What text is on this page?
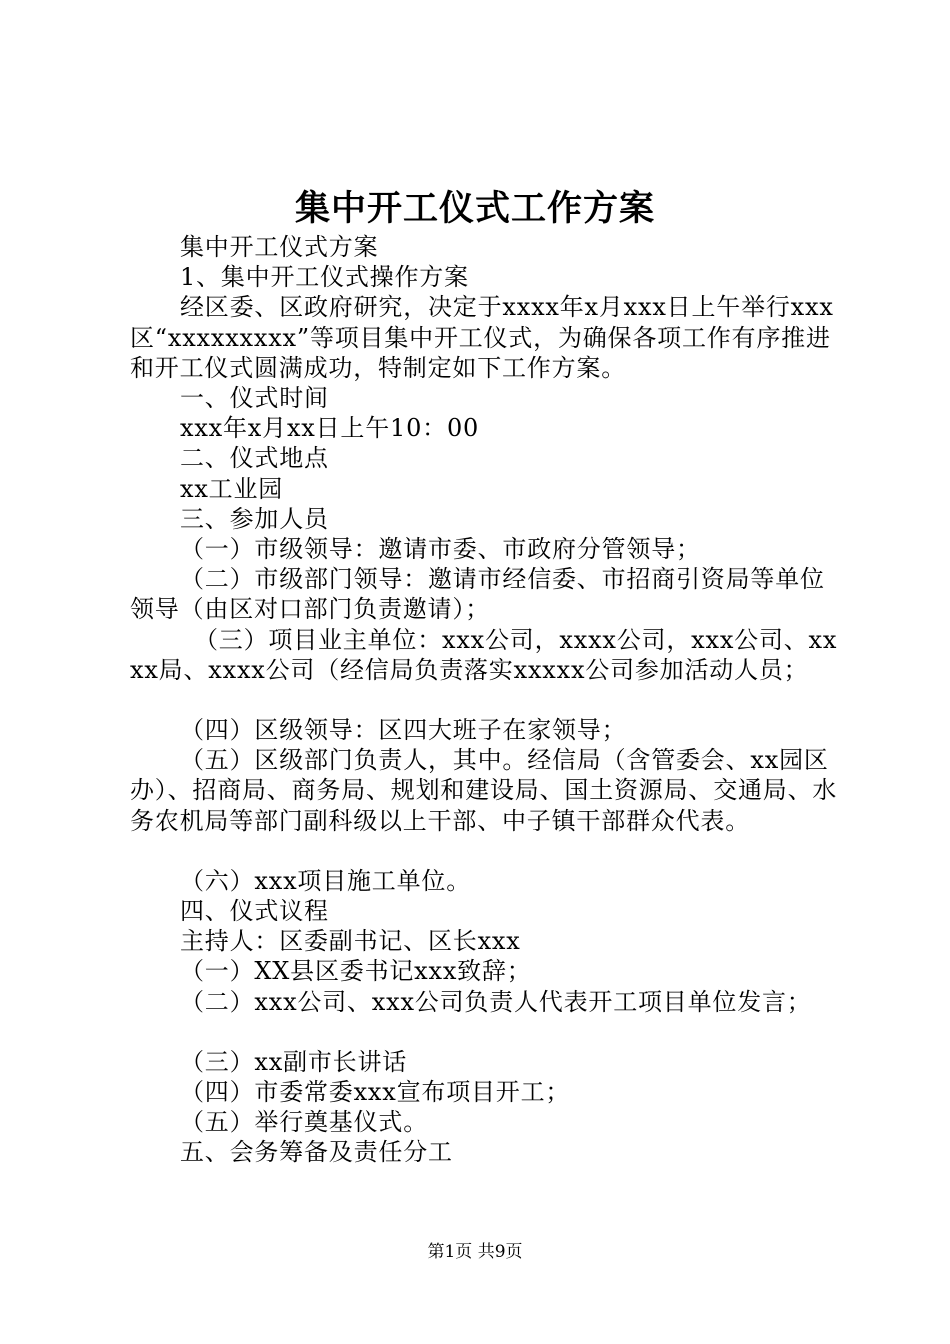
集中开工仪式工作方案

集中开工仪式方案

1、集中开工仪式操作方案

经区委、区政府研究，决定于xxxx年x月xxx日上午举行xxx区“xxxxxxxxx”等项目集中开工仪式，为确保各项工作有序推进和开工仪式圆满成功，特制定如下工作方案。

一、仪式时间

xxx年x月xx日上午10：00

二、仪式地点

xx工业园

三、参加人员

（一）市级领导：邀请市委、市政府分管领导；

（二）市级部门领导：邀请市经信委、市招商引资局等单位领导（由区对口部门负责邀请）；

（三）项目业主单位：xxx公司，xxxx公司，xxx公司、xxxx局、xxxx公司（经信局负责落实xxxxx公司参加活动人员；

（四）区级领导：区四大班子在家领导；

（五）区级部门负责人，其中。经信局（含管委会、xx园区办）、招商局、商务局、规划和建设局、国土资源局、交通局、水务农机局等部门副科级以上干部、中子镇干部群众代表。

（六）xxx项目施工单位。

四、仪式议程

主持人：区委副书记、区长xxx

（一）XX县区委书记xxx致辞；

（二）xxx公司、xxx公司负责人代表开工项目单位发言；

（三）xx副市长讲话

（四）市委常委xxx宣布项目开工；

（五）举行奠基仪式。

五、会务筹备及责任分工

第1页 共9页
